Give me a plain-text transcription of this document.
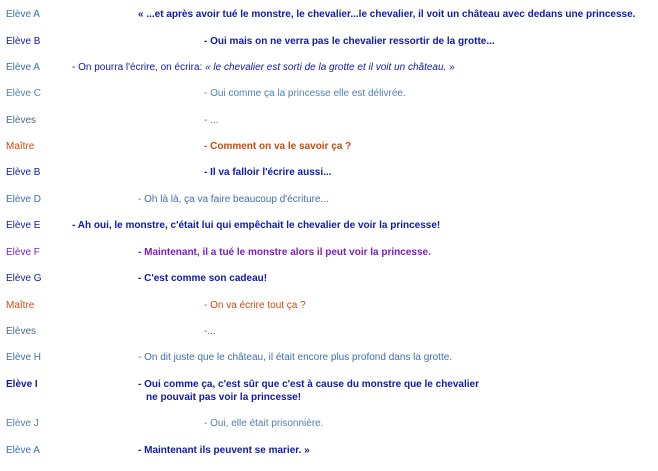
Elève A	« ...et après avoir tué le monstre, le chevalier...le chevalier, il voit un château avec dedans une princesse.
Elève B	- Oui mais on ne verra pas le chevalier ressortir de la grotte...
Elève A	- On pourra l'écrire, on écrira: « le chevalier est sorti de la grotte et il voit un château. »
Elève C	- Oui comme ça la princesse elle est délivrée.
Elèves	- ...
Maître	- Comment on va le savoir ça ?
Elève B	- Il va falloir l'écrire aussi...
Elève D	- Oh là là, ça va faire beaucoup d'écriture...
Elève E	- Ah oui, le monstre, c'était lui qui empêchait le chevalier de voir la princesse!
Elève F	- Maintenant, il a tué le monstre alors il peut voir la princesse.
Elève G	- C'est comme son cadeau!
Maître	- On va écrire tout ça ?
Elèves	-...
Elève H	- On dit juste que le château, il était encore plus profond dans la grotte.
Elève I	- Oui comme ça, c'est sûr que c'est à cause du monstre que le chevalier
ne pouvait pas voir la princesse!
Elève J	- Oui, elle était prisonnière.
Elève A	- Maintenant ils peuvent se marier. »
